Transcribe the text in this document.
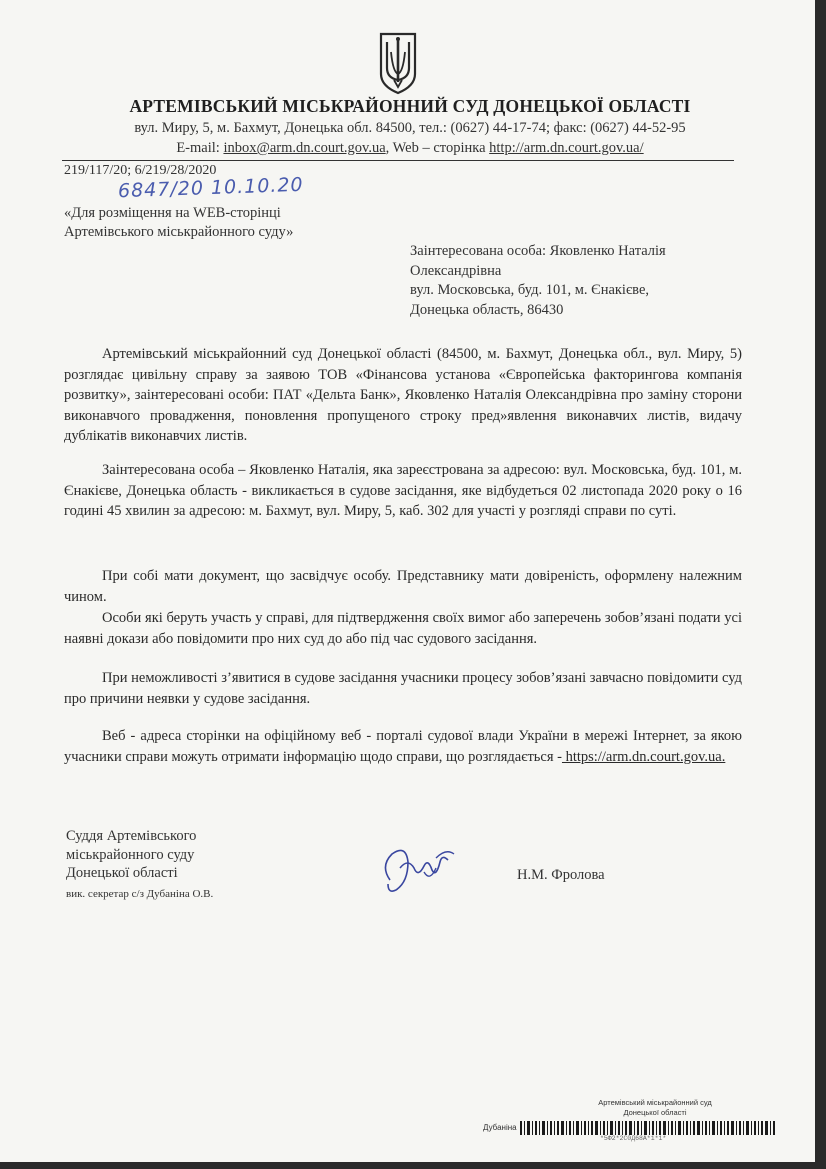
АРТЕМІВСЬКИЙ МІСЬКРАЙОННИЙ СУД ДОНЕЦЬКОЇ ОБЛАСТІ
вул. Миру, 5, м. Бахмут, Донецька обл. 84500, тел.: (0627) 44-17-74; факс: (0627) 44-52-95
E-mail: inbox@arm.dn.court.gov.ua, Web – сторінка http://arm.dn.court.gov.ua/
219/117/20; 6/219/28/2020
6847/20 10.10.20
«Для розміщення на WEB-сторінці
Артемівського міськрайонного суду»
Заінтересована особа: Яковленко Наталія
Олександрівна
вул. Московська, буд. 101, м. Єнакієве,
Донецька область, 86430

Артемівський міськрайонний суд Донецької області (84500, м. Бахмут, Донецька обл., вул. Миру, 5) розглядає цивільну справу за заявою ТОВ «Фінансова установа «Європейська факторингова компанія розвитку», заінтересовані особи: ПАТ «Дельта Банк», Яковленко Наталія Олександрівна про заміну сторони виконавчого провадження, поновлення пропущеного строку пред»явлення виконавчих листів, видачу дублікатів виконавчих листів.

Заінтересована особа – Яковленко Наталія, яка зареєстрована за адресою: вул. Московська, буд. 101, м. Єнакієве, Донецька область - викликається в судове засідання, яке відбудеться 02 листопада 2020 року о 16 годині 45 хвилин за адресою: м. Бахмут, вул. Миру, 5, каб. 302 для участі у розгляді справи по суті.

При собі мати документ, що засвідчує особу. Представнику мати довіреність, оформлену належним чином.

Особи які беруть участь у справі, для підтвердження своїх вимог або заперечень зобов’язані подати усі наявні докази або повідомити про них суд до або під час судового засідання.

При неможливості з’явитися в судове засідання учасники процесу зобов’язані завчасно повідомити суд про причини неявки у судове засідання.

Веб - адреса сторінки на офіційному веб - порталі судової влади України в мережі Інтернет, за якою учасники справи можуть отримати інформацію щодо справи, що розглядається - https://arm.dn.court.gov.ua.

Суддя Артемівського
міськрайонного суду
Донецької області
вик. секретар с/з Дубаніна О.В.
Н.М. Фролова
Артемівський міськрайонний суд
Донецької області
Дубаніна
*5Ф2*2С0Д68А*1*1*
